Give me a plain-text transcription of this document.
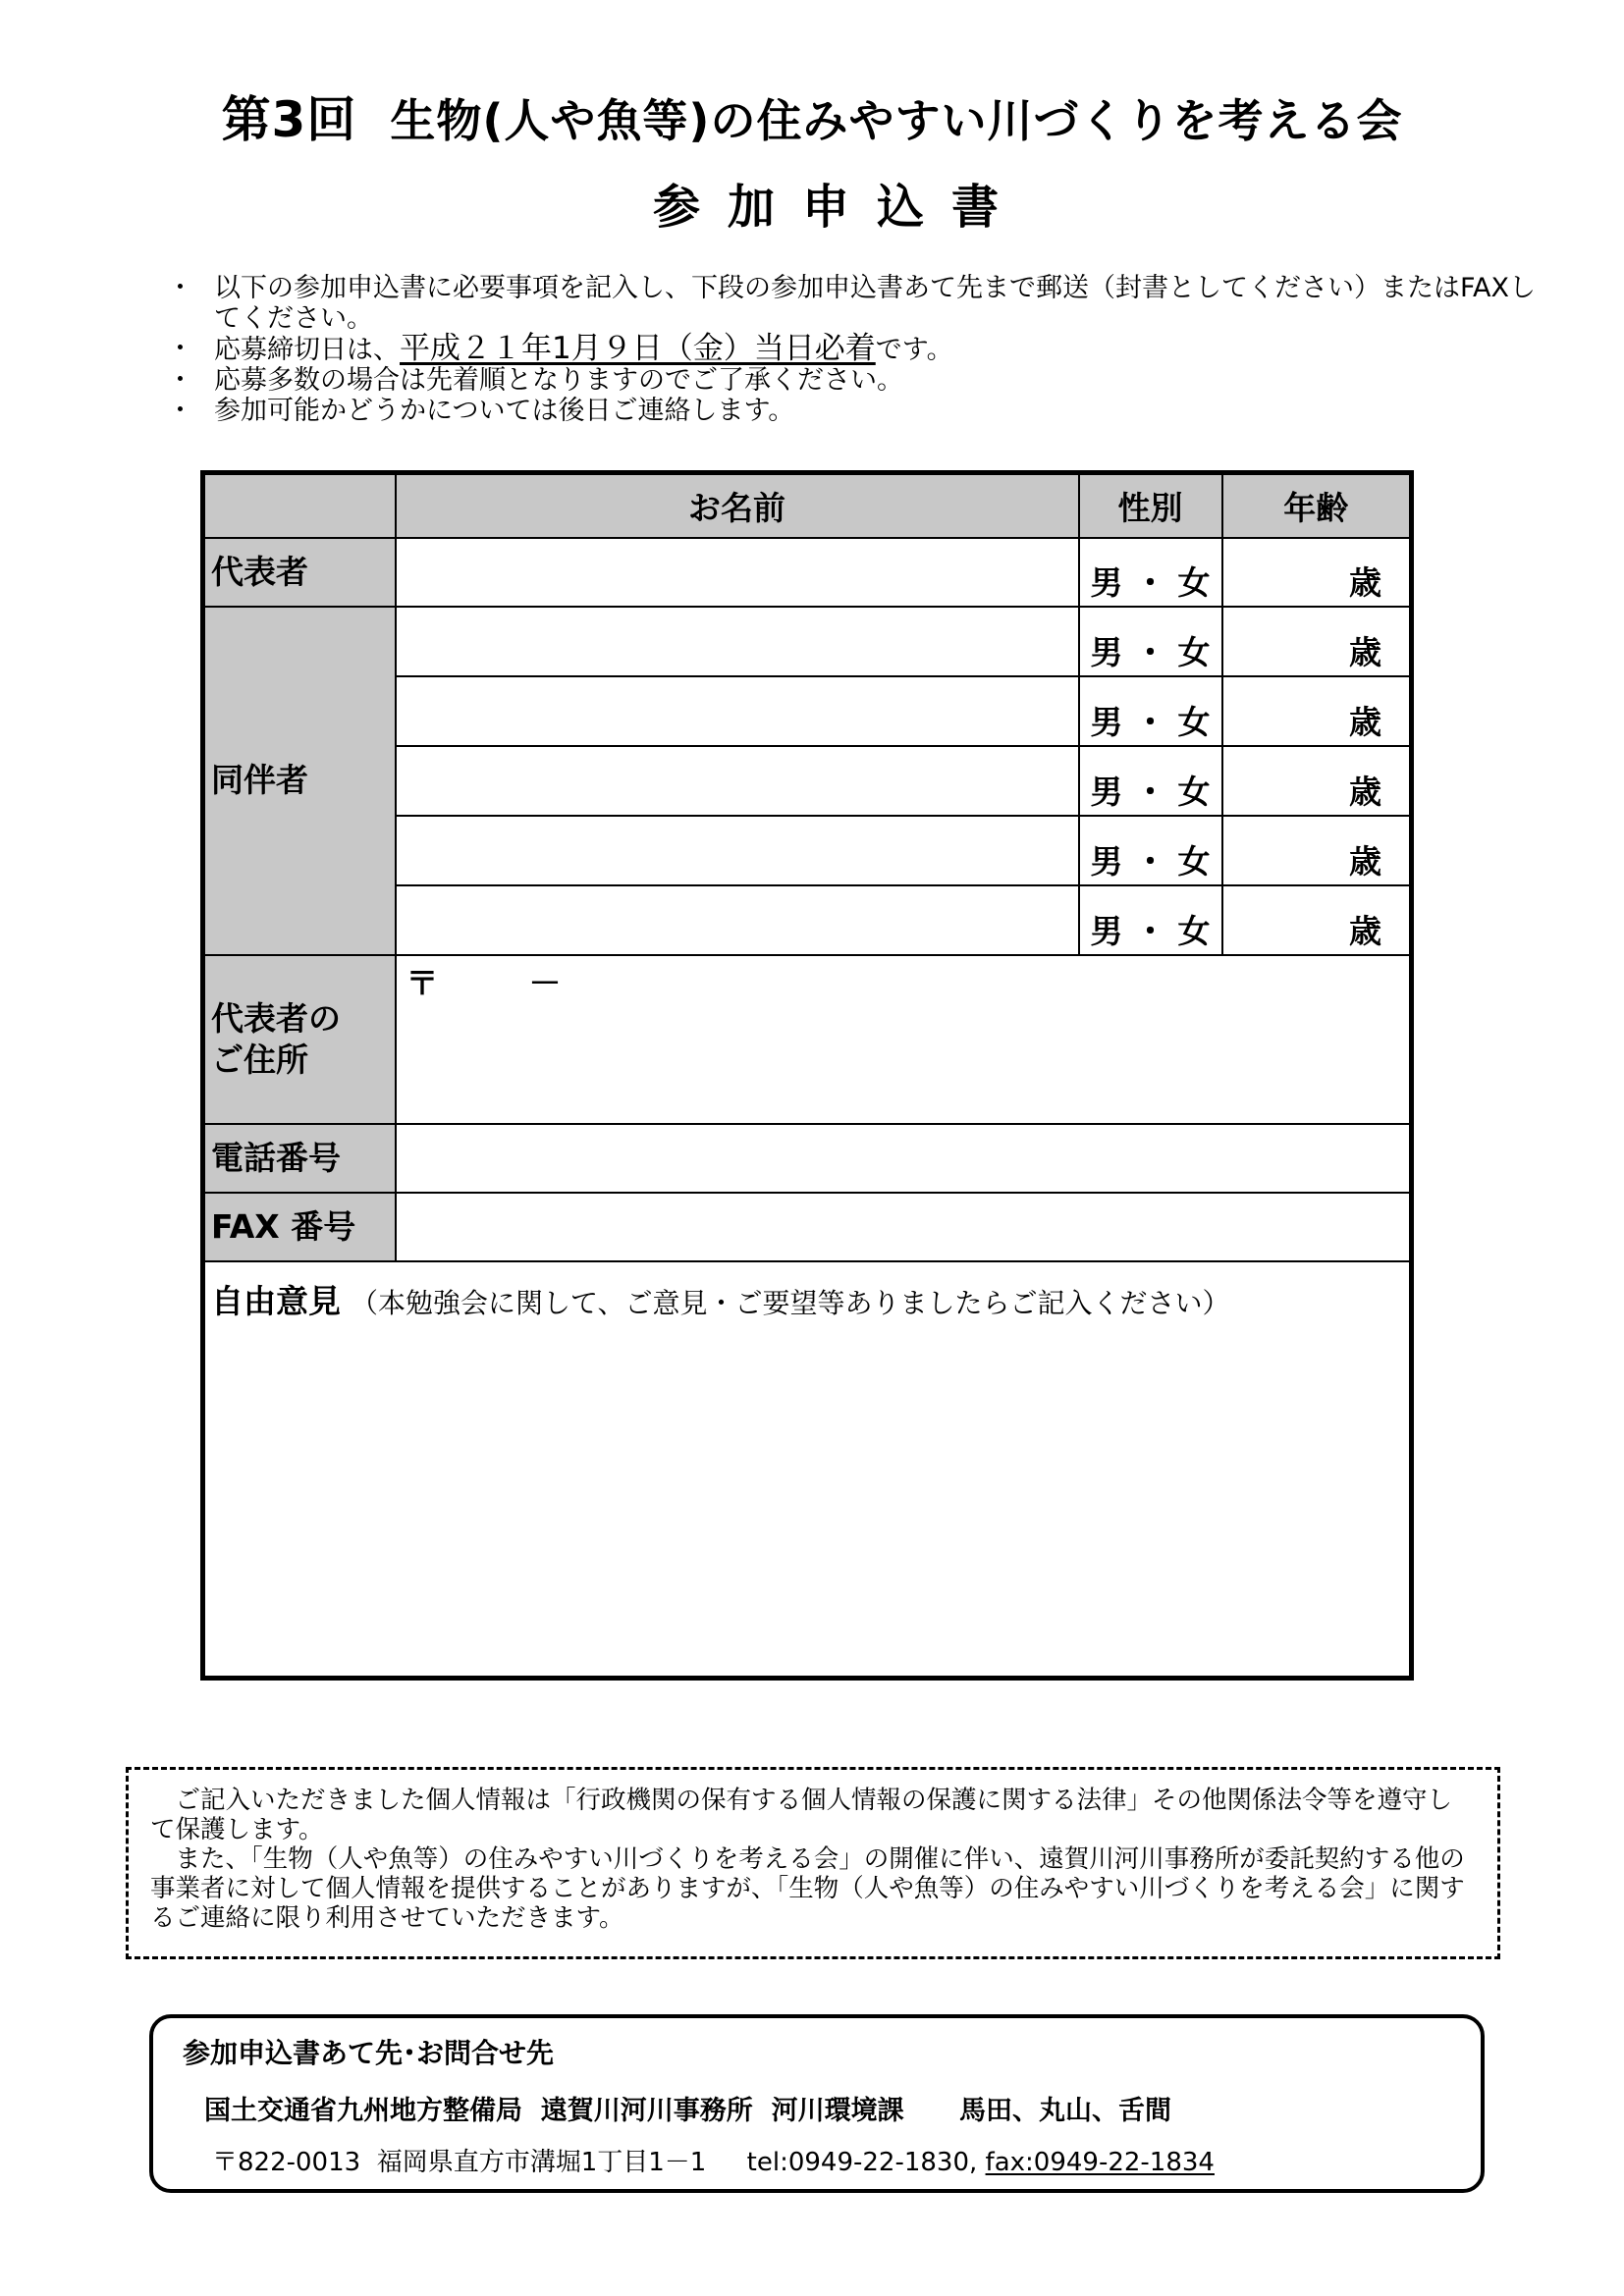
第3回 生物(人や魚等)の住みやすい川づくりを考える会
参加申込書
・ 以下の参加申込書に必要事項を記入し、下段の参加申込書あて先まで郵送（封書としてください）またはFAXしてください。
・ 応募締切日は、平成２１年1月９日（金）当日必着です。
・ 応募多数の場合は先着順となりますのでご了承ください。
・ 参加可能かどうかについては後日ご連絡します。
	お名前	性別	年齢
代表者		男 ・ 女	歳
同伴者		男 ・ 女	歳
		男 ・ 女	歳
		男 ・ 女	歳
		男 ・ 女	歳
		男 ・ 女	歳

代表者の
ご住所	〒 －		
電話番号			
FAX 番号			
自由意見 （本勉強会に関して、ご意見・ご要望等ありましたらご記入ください）			

ご記入いただきました個人情報は「行政機関の保有する個人情報の保護に関する法律」その他関係法令等を遵守して保護します。

また、「生物（人や魚等）の住みやすい川づくりを考える会」の開催に伴い、遠賀川河川事務所が委託契約する他の事業者に対して個人情報を提供することがありますが、「生物（人や魚等）の住みやすい川づくりを考える会」に関するご連絡に限り利用させていただきます。

参加申込書あて先･お問合せ先
国土交通省九州地方整備局  遠賀川河川事務所  河川環境課      馬田、丸山、舌間
〒822-0013  福岡県直方市溝堀1丁目1－1     tel:0949-22-1830, fax:0949-22-1834
